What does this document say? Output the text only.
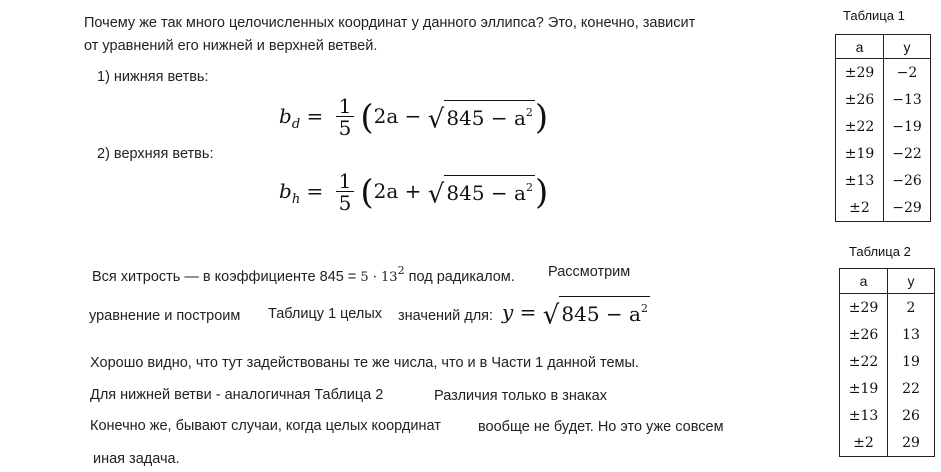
Почему же так много целочисленных координат у данного эллипса? Это, конечно, зависит
от уравнений его нижней и верхней ветвей.
1) нижняя ветвь:
$b_d = \frac{1}{5} (2a$ − √ $845 - a^2$)
2) верхняя ветвь:
$b_h = \frac{1}{5} (2a$ + √ $845 - a^2$)
Вся хитрость — в коэффициенте $845 = 5 \cdot 13^2$ под радикалом. Рассмотрим
уравнение и построим Таблицу 1 целых значений для: y = √ $845 - a^2$
Хорошо видно, что тут задействованы те же числа, что и в Части 1 данной темы.
Для нижней ветви - аналогичная Таблица 2	Различия только в знаках
Конечно же, бывают случаи, когда целых координат	вообще не будет. Но это уже совсем
иная задача.
Таблица 1
a	y
±29	−2
±26	−13
±22	−19
±19	−22
±13	−26
±2	−29
Таблица 2
a	y
±29	2
±26	13
±22	19
±19	22
±13	26
±2	29
